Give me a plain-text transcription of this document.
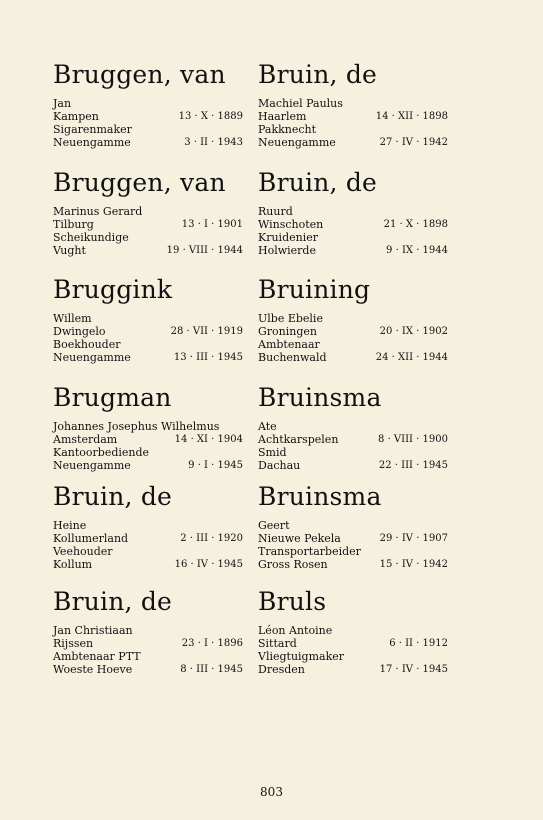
Bruggen, van
Jan
Kampen	13 · X · 1889
Sigarenmaker
Neuengamme	3 · II · 1943
Bruggen, van
Marinus Gerard
Tilburg	13 · I · 1901
Scheikundige
Vught	19 · VIII · 1944
Bruggink
Willem
Dwingelo	28 · VII · 1919
Boekhouder
Neuengamme	13 · III · 1945
Brugman
Johannes Josephus Wilhelmus
Amsterdam	14 · XI · 1904
Kantoorbediende
Neuengamme	9 · I · 1945
Bruin, de
Heine
Kollumerland	2 · III · 1920
Veehouder
Kollum	16 · IV · 1945
Bruin, de
Jan Christiaan
Rijssen	23 · I · 1896
Ambtenaar PTT
Woeste Hoeve	8 · III · 1945
Bruin, de
Machiel Paulus
Haarlem	14 · XII · 1898
Pakknecht
Neuengamme	27 · IV · 1942
Bruin, de
Ruurd
Winschoten	21 · X · 1898
Kruidenier
Holwierde	9 · IX · 1944
Bruining
Ulbe Ebelie
Groningen	20 · IX · 1902
Ambtenaar
Buchenwald	24 · XII · 1944
Bruinsma
Ate
Achtkarspelen	8 · VIII · 1900
Smid
Dachau	22 · III · 1945
Bruinsma
Geert
Nieuwe Pekela	29 · IV · 1907
Transportarbeider
Gross Rosen	15 · IV · 1942
Bruls
Léon Antoine
Sittard	6 · II · 1912
Vliegtuigmaker
Dresden	17 · IV · 1945
803
